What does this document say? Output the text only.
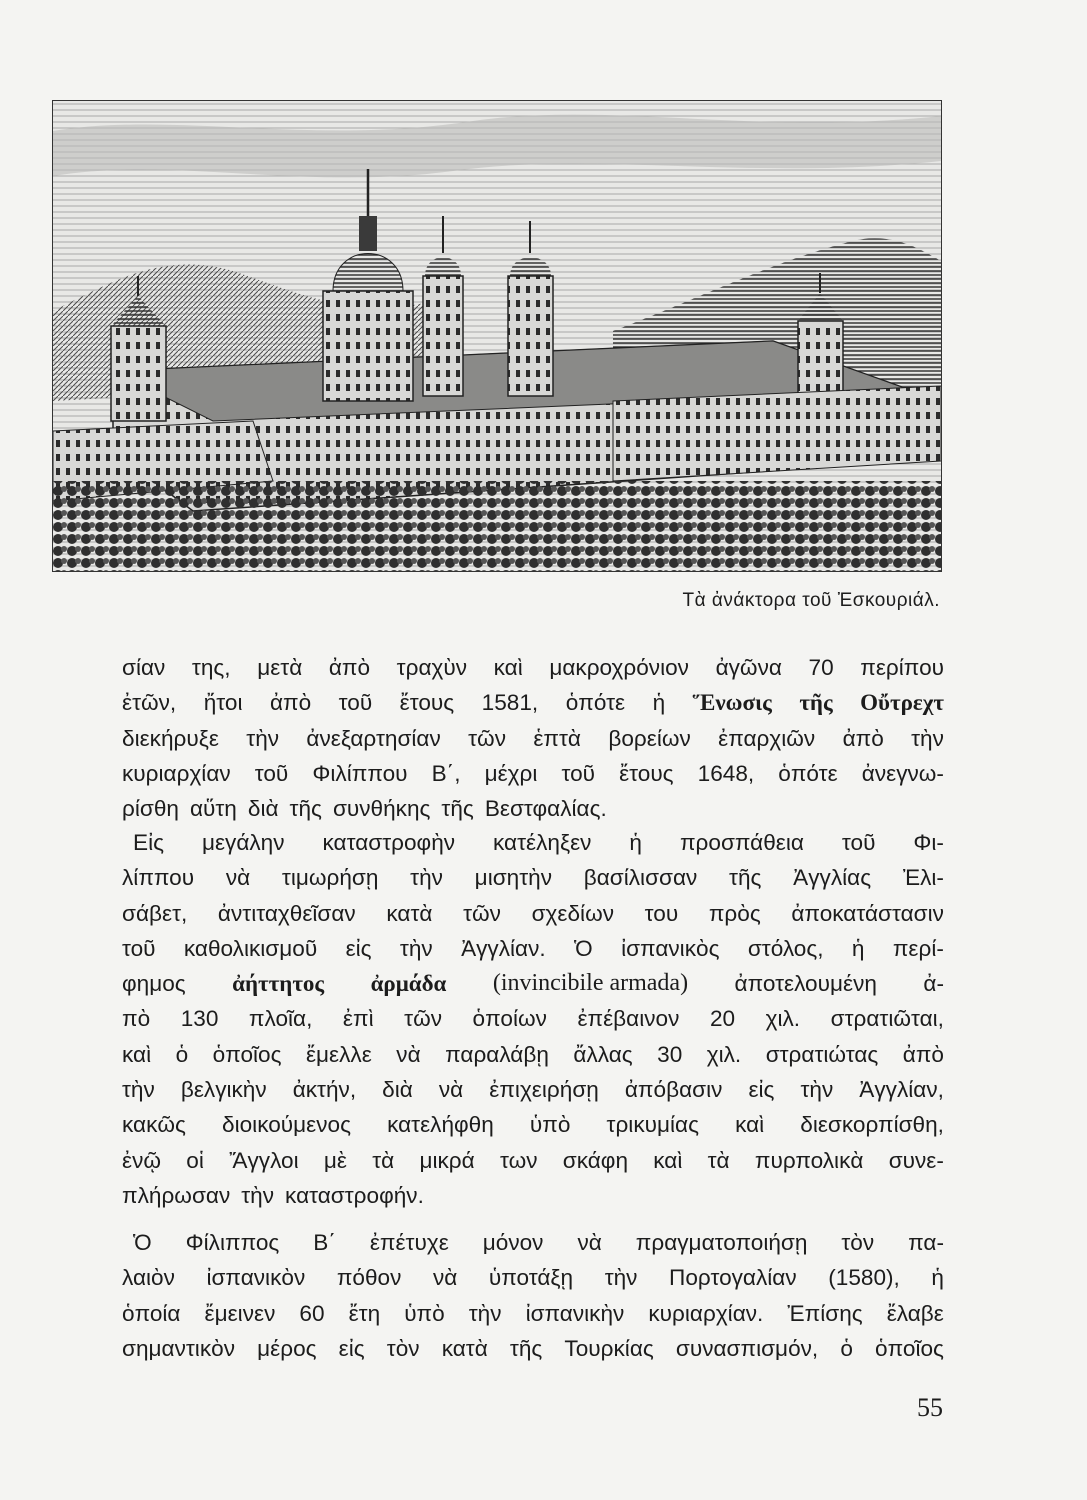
Τὰ ἀνάκτορα τοῦ Ἐσκουριάλ.
σίαν της, μετὰ ἀπὸ τραχὺν καὶ μακροχρόνιον ἀγῶνα 70 περίπου
ἐτῶν, ἤτοι ἀπὸ τοῦ ἔτους 1581, ὁπότε ἡ Ἕνωσις τῆς Οὔτρεχτ
διεκήρυξε τὴν ἀνεξαρτησίαν τῶν ἑπτὰ βορείων ἐπαρχιῶν ἀπὸ τὴν
κυριαρχίαν τοῦ Φιλίππου Β΄, μέχρι τοῦ ἔτους 1648, ὁπότε ἀνεγνω-
ρίσθη αὕτη διὰ τῆς συνθήκης τῆς Βεστφαλίας.
Εἰς μεγάλην καταστροφὴν κατέληξεν ἡ προσπάθεια τοῦ Φι-
λίππου νὰ τιμωρήσῃ τὴν μισητὴν βασίλισσαν τῆς Ἀγγλίας Ἐλι-
σάβετ, ἀντιταχθεῖσαν κατὰ τῶν σχεδίων του πρὸς ἀποκατάστασιν
τοῦ καθολικισμοῦ εἰς τὴν Ἀγγλίαν. Ὁ ἰσπανικὸς στόλος, ἡ περί-
φημος ἀήττητος ἀρμάδα (invincibile armada) ἀποτελουμένη ἀ-
πὸ 130 πλοῖα, ἐπὶ τῶν ὁποίων ἐπέβαινον 20 χιλ. στρατιῶται,
καὶ ὁ ὁποῖος ἔμελλε νὰ παραλάβῃ ἄλλας 30 χιλ. στρατιώτας ἀπὸ
τὴν βελγικὴν ἀκτήν, διὰ νὰ ἐπιχειρήσῃ ἀπόβασιν εἰς τὴν Ἀγγλίαν,
κακῶς διοικούμενος κατελήφθη ὑπὸ τρικυμίας καὶ διεσκορπίσθη,
ἐνῷ οἱ Ἄγγλοι μὲ τὰ μικρά των σκάφη καὶ τὰ πυρπολικὰ συνε-
πλήρωσαν τὴν καταστροφήν.
Ὁ Φίλιππος Β΄ ἐπέτυχε μόνον νὰ πραγματοποιήσῃ τὸν πα-
λαιὸν ἰσπανικὸν πόθον νὰ ὑποτάξῃ τὴν Πορτογαλίαν (1580), ἡ
ὁποία ἔμεινεν 60 ἔτη ὑπὸ τὴν ἰσπανικὴν κυριαρχίαν. Ἐπίσης ἔλαβε
σημαντικὸν μέρος εἰς τὸν κατὰ τῆς Τουρκίας συνασπισμόν, ὁ ὁποῖος
55
